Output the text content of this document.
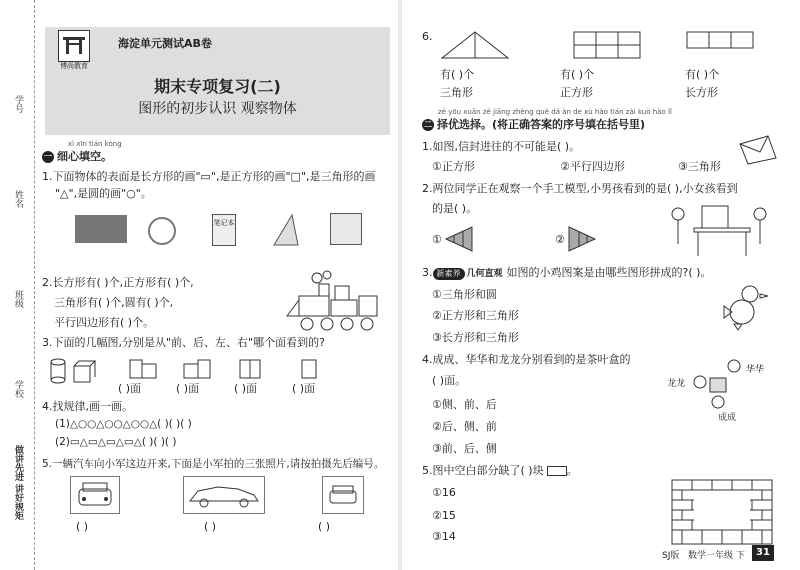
学号
姓名
班级
学校
做讲先进 讲好规矩
博尚教育
海淀单元测试AB卷
期末专项复习(二)
图形的初步认识 观察物体
xì xīn tián kòng
一 细心填空。
1.下面物体的表面是长方形的画"▭",是正方形的画"□",是三角形的画
"△",是圆的画"○"。
笔记本
2.长方形有( )个,正方形有( )个,
三角形有( )个,圆有( )个,
平行四边形有( )个。
3.下面的几幅图,分别是从"前、后、左、右"哪个面看到的?
( )面	( )面	( )面	( )面
4.找规律,画一画。
(1)△○○△○○△○○△( )( )( )
(2)▭△▭△▭△▭△( )( )( )
5.一辆汽车向小军这边开来,下面是小军拍的三张照片,请按拍摄先后编号。
( )	( )	( )
6.
有( )个	有( )个	有( )个
三角形	正方形	长方形
zé yōu xuǎn zé jiāng zhèng què dá àn de xù hào tián zài kuò hào lǐ
二 择优选择。(将正确答案的序号填在括号里)
1.如图,信封进往的不可能是( )。
①正方形	②平行四边形	③三角形
2.两位同学正在观察一个手工模型,小男孩看到的是( ),小女孩看到
的是( )。
①	②
3. 新素养 几何直观 如图的小鸡图案是由哪些图形拼成的?( )。
①三角形和圆
②正方形和三角形
③长方形和三角形
4.成成、华华和龙龙分别看到的是茶叶盒的
( )面。
①侧、前、后
②后、侧、前
③前、后、侧
龙龙
华华
成成
5.图中空白部分缺了( )块 。
①16
②15
③14
SJ版 数学一年级 下	31
